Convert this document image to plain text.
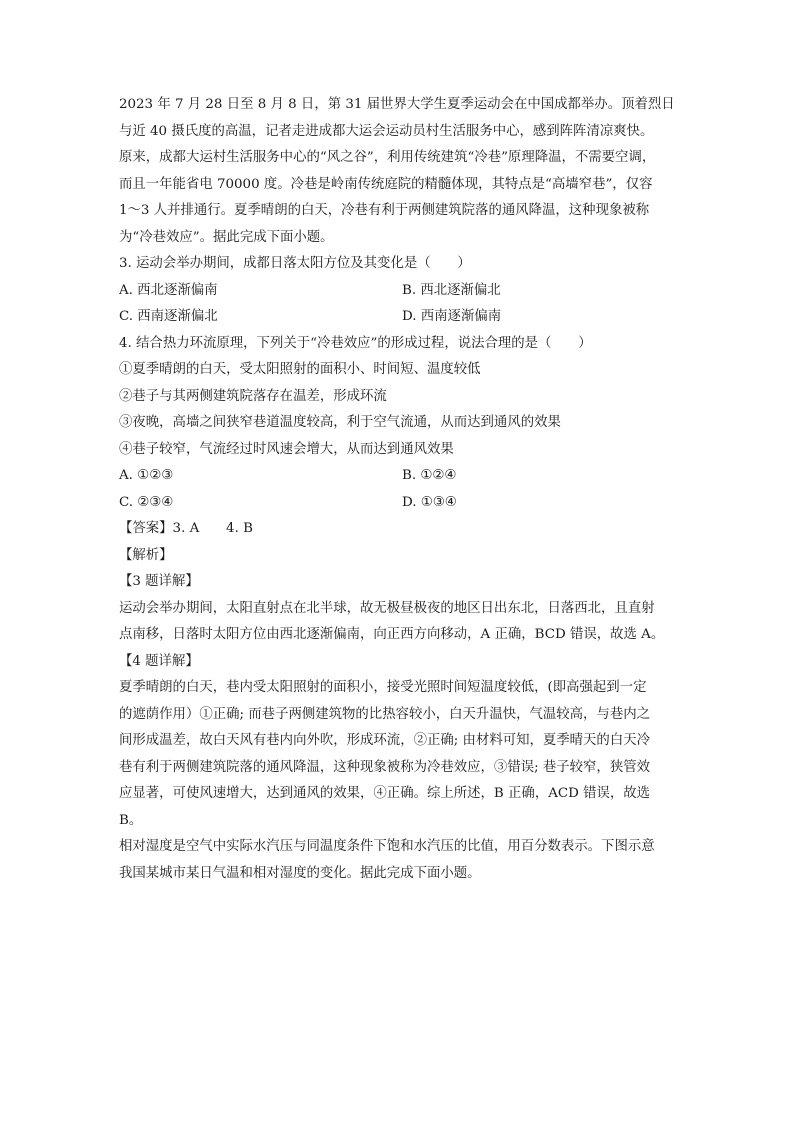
2023 年 7 月 28 日至 8 月 8 日，第 31 届世界大学生夏季运动会在中国成都举办。顶着烈日
与近 40 摄氏度的高温，记者走进成都大运会运动员村生活服务中心，感到阵阵清凉爽快。
原来，成都大运村生活服务中心的“风之谷”，利用传统建筑“冷巷”原理降温，不需要空调，
而且一年能省电 70000 度。冷巷是岭南传统庭院的精髓体现，其特点是“高墙窄巷”，仅容
1～3 人并排通行。夏季晴朗的白天，冷巷有利于两侧建筑院落的通风降温，这种现象被称
为“冷巷效应”。据此完成下面小题。
3. 运动会举办期间，成都日落太阳方位及其变化是（　　）
A. 西北逐渐偏南	B. 西北逐渐偏北
C. 西南逐渐偏北	D. 西南逐渐偏南
4. 结合热力环流原理，下列关于“冷巷效应”的形成过程，说法合理的是（　　）
①夏季晴朗的白天，受太阳照射的面积小、时间短、温度较低
②巷子与其两侧建筑院落存在温差，形成环流
③夜晚，高墙之间狭窄巷道温度较高，利于空气流通，从而达到通风的效果
④巷子较窄，气流经过时风速会增大，从而达到通风效果
A. ①②③	B. ①②④
C. ②③④	D. ①③④
【答案】3. A　　4. B
【解析】
【3 题详解】
运动会举办期间，太阳直射点在北半球，故无极昼极夜的地区日出东北，日落西北，且直射
点南移，日落时太阳方位由西北逐渐偏南，向正西方向移动，A 正确，BCD 错误，故选 A。
【4 题详解】
夏季晴朗的白天，巷内受太阳照射的面积小，接受光照时间短温度较低，(即高强起到一定
的遮荫作用）①正确; 而巷子两侧建筑物的比热容较小，白天升温快，气温较高，与巷内之
间形成温差，故白天风有巷内向外吹，形成环流，②正确; 由材料可知，夏季晴天的白天冷
巷有利于两侧建筑院落的通风降温，这种现象被称为冷巷效应，③错误; 巷子较窄，狭管效
应显著，可使风速增大，达到通风的效果，④正确。综上所述，B 正确，ACD 错误，故选
B。
相对湿度是空气中实际水汽压与同温度条件下饱和水汽压的比值，用百分数表示。下图示意
我国某城市某日气温和相对湿度的变化。据此完成下面小题。
